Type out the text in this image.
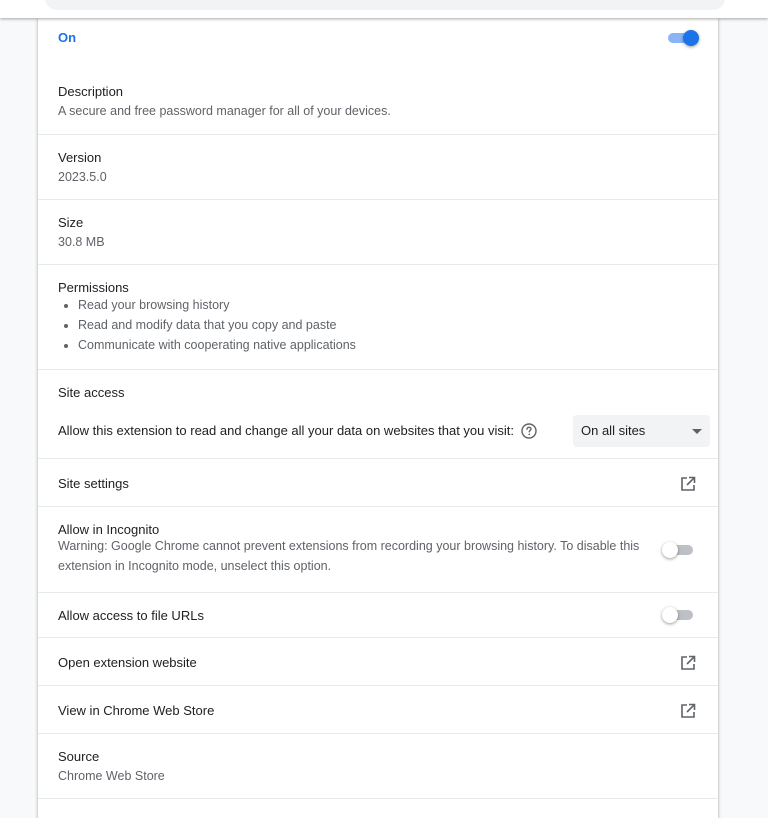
On
Description
A secure and free password manager for all of your devices.
Version
2023.5.0
Size
30.8 MB
Permissions
• Read your browsing history
• Read and modify data that you copy and paste
• Communicate with cooperating native applications
Site access
Allow this extension to read and change all your data on websites that you visit:	On all sites
Site settings
Allow in Incognito
Warning: Google Chrome cannot prevent extensions from recording your browsing history. To disable this extension in Incognito mode, unselect this option.
Allow access to file URLs
Open extension website
View in Chrome Web Store
Source
Chrome Web Store
